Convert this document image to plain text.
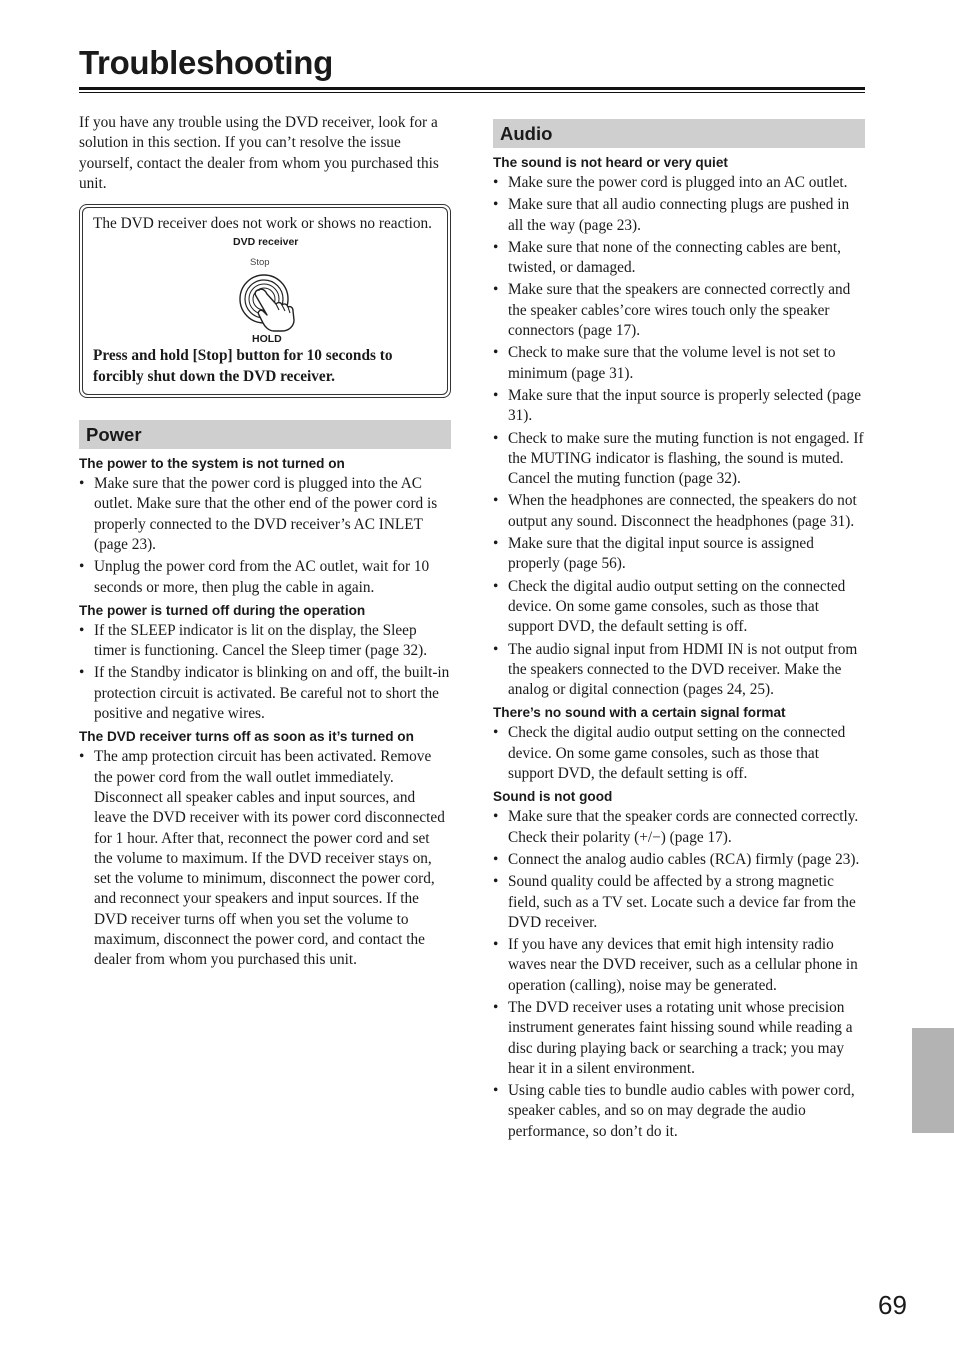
Troubleshooting

If you have any trouble using the DVD receiver, look for a solution in this section. If you can’t resolve the issue yourself, contact the dealer from whom you purchased this unit.

The DVD receiver does not work or shows no reaction.
DVD receiver
Stop
HOLD
Press and hold [Stop] button for 10 seconds to forcibly shut down the DVD receiver.
Power
The power to the system is not turned on
• Make sure that the power cord is plugged into the AC outlet. Make sure that the other end of the power cord is properly connected to the DVD receiver’s AC INLET (page 23).
• Unplug the power cord from the AC outlet, wait for 10 seconds or more, then plug the cable in again.
The power is turned off during the operation
• If the SLEEP indicator is lit on the display, the Sleep timer is functioning. Cancel the Sleep timer (page 32).
• If the Standby indicator is blinking on and off, the built-in protection circuit is activated. Be careful not to short the positive and negative wires.
The DVD receiver turns off as soon as it’s turned on
• The amp protection circuit has been activated. Remove the power cord from the wall outlet immediately. Disconnect all speaker cables and input sources, and leave the DVD receiver with its power cord disconnected for 1 hour. After that, reconnect the power cord and set the volume to maximum. If the DVD receiver stays on, set the volume to minimum, disconnect the power cord, and reconnect your speakers and input sources. If the DVD receiver turns off when you set the volume to maximum, disconnect the power cord, and contact the dealer from whom you purchased this unit.
Audio
The sound is not heard or very quiet
• Make sure the power cord is plugged into an AC outlet.
• Make sure that all audio connecting plugs are pushed in all the way (page 23).
• Make sure that none of the connecting cables are bent, twisted, or damaged.
• Make sure that the speakers are connected correctly and the speaker cables’core wires touch only the speaker connectors (page 17).
• Check to make sure that the volume level is not set to minimum (page 31).
• Make sure that the input source is properly selected (page 31).
• Check to make sure the muting function is not engaged. If the MUTING indicator is flashing, the sound is muted. Cancel the muting function (page 32).
• When the headphones are connected, the speakers do not output any sound. Disconnect the headphones (page 31).
• Make sure that the digital input source is assigned properly (page 56).
• Check the digital audio output setting on the connected device. On some game consoles, such as those that support DVD, the default setting is off.
• The audio signal input from HDMI IN is not output from the speakers connected to the DVD receiver. Make the analog or digital connection (pages 24, 25).
There’s no sound with a certain signal format
• Check the digital audio output setting on the connected device. On some game consoles, such as those that support DVD, the default setting is off.
Sound is not good
• Make sure that the speaker cords are connected correctly. Check their polarity (+/−) (page 17).
• Connect the analog audio cables (RCA) firmly (page 23).
• Sound quality could be affected by a strong magnetic field, such as a TV set. Locate such a device far from the DVD receiver.
• If you have any devices that emit high intensity radio waves near the DVD receiver, such as a cellular phone in operation (calling), noise may be generated.
• The DVD receiver uses a rotating unit whose precision instrument generates faint hissing sound while reading a disc during playing back or searching a track; you may hear it in a silent environment.
• Using cable ties to bundle audio cables with power cord, speaker cables, and so on may degrade the audio performance, so don’t do it.
69
